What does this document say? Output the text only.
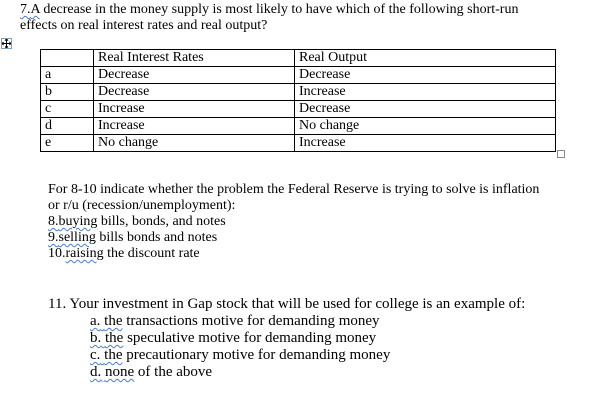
7.A decrease in the money supply is most likely to have which of the following short-run
effects on real interest rates and real output?
	Real Interest Rates	Real Output
a	Decrease	Decrease
b	Decrease	Increase
c	Increase	Decrease
d	Increase	No change
e	No change	Increase
For 8-10 indicate whether the problem the Federal Reserve is trying to solve is inflation
or r/u (recession/unemployment):
8.buying bills, bonds, and notes
9.selling bills bonds and notes
10.raising the discount rate
11. Your investment in Gap stock that will be used for college is an example of:
a. the transactions motive for demanding money
b. the speculative motive for demanding money
c. the precautionary motive for demanding money
d. none of the above
